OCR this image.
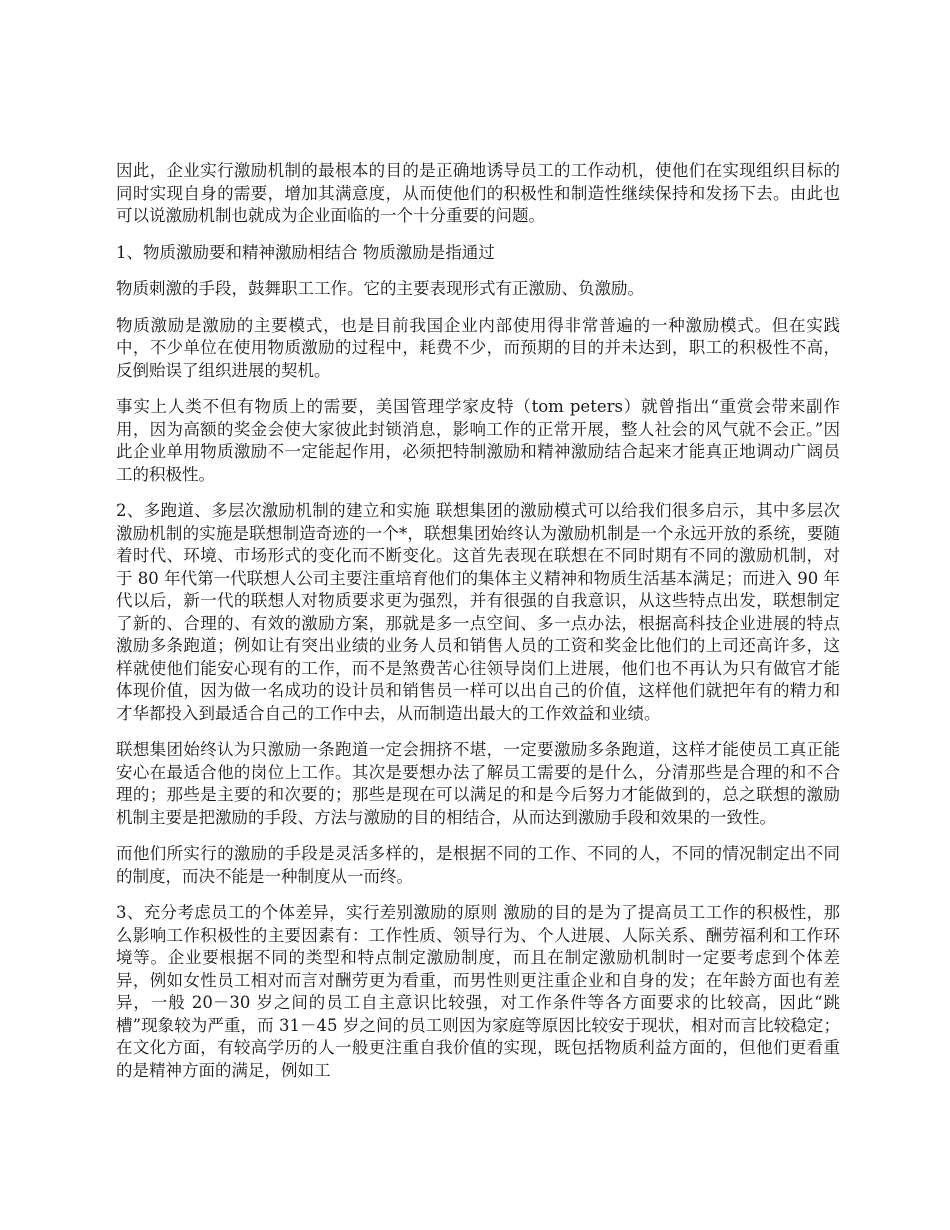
因此，企业实行激励机制的最根本的目的是正确地诱导员工的工作动机，使他们在实现组织目标的同时实现自身的需要，增加其满意度，从而使他们的积极性和制造性继续保持和发扬下去。由此也可以说激励机制也就成为企业面临的一个十分重要的问题。

1、物质激励要和精神激励相结合 物质激励是指通过

物质刺激的手段，鼓舞职工工作。它的主要表现形式有正激励、负激励。

物质激励是激励的主要模式，也是目前我国企业内部使用得非常普遍的一种激励模式。但在实践中，不少单位在使用物质激励的过程中，耗费不少，而预期的目的并未达到，职工的积极性不高，反倒贻误了组织进展的契机。

事实上人类不但有物质上的需要，美国管理学家皮特（tom peters）就曾指出“重赏会带来副作用，因为高额的奖金会使大家彼此封锁消息，影响工作的正常开展，整人社会的风气就不会正。”因此企业单用物质激励不一定能起作用，必须把特制激励和精神激励结合起来才能真正地调动广阔员工的积极性。

2、多跑道、多层次激励机制的建立和实施 联想集团的激励模式可以给我们很多启示，其中多层次激励机制的实施是联想制造奇迹的一个*，联想集团始终认为激励机制是一个永远开放的系统，要随着时代、环境、市场形式的变化而不断变化。这首先表现在联想在不同时期有不同的激励机制，对于 80 年代第一代联想人公司主要注重培育他们的集体主义精神和物质生活基本满足；而进入 90 年代以后，新一代的联想人对物质要求更为强烈，并有很强的自我意识，从这些特点出发，联想制定了新的、合理的、有效的激励方案，那就是多一点空间、多一点办法，根据高科技企业进展的特点激励多条跑道；例如让有突出业绩的业务人员和销售人员的工资和奖金比他们的上司还高许多，这样就使他们能安心现有的工作，而不是煞费苦心往领导岗们上进展，他们也不再认为只有做官才能体现价值，因为做一名成功的设计员和销售员一样可以出自己的价值，这样他们就把年有的精力和才华都投入到最适合自己的工作中去，从而制造出最大的工作效益和业绩。

联想集团始终认为只激励一条跑道一定会拥挤不堪，一定要激励多条跑道，这样才能使员工真正能安心在最适合他的岗位上工作。其次是要想办法了解员工需要的是什么，分清那些是合理的和不合理的；那些是主要的和次要的；那些是现在可以满足的和是今后努力才能做到的，总之联想的激励机制主要是把激励的手段、方法与激励的目的相结合，从而达到激励手段和效果的一致性。

而他们所实行的激励的手段是灵活多样的，是根据不同的工作、不同的人，不同的情况制定出不同的制度，而决不能是一种制度从一而终。

3、充分考虑员工的个体差异，实行差别激励的原则 激励的目的是为了提高员工工作的积极性，那么影响工作积极性的主要因素有：工作性质、领导行为、个人进展、人际关系、酬劳福利和工作环境等。企业要根据不同的类型和特点制定激励制度，而且在制定激励机制时一定要考虑到个体差异，例如女性员工相对而言对酬劳更为看重，而男性则更注重企业和自身的发；在年龄方面也有差异，一般 20－30 岁之间的员工自主意识比较强，对工作条件等各方面要求的比较高，因此“跳槽”现象较为严重，而 31－45 岁之间的员工则因为家庭等原因比较安于现状，相对而言比较稳定；在文化方面，有较高学历的人一般更注重自我价值的实现，既包括物质利益方面的，但他们更看重的是精神方面的满足，例如工
